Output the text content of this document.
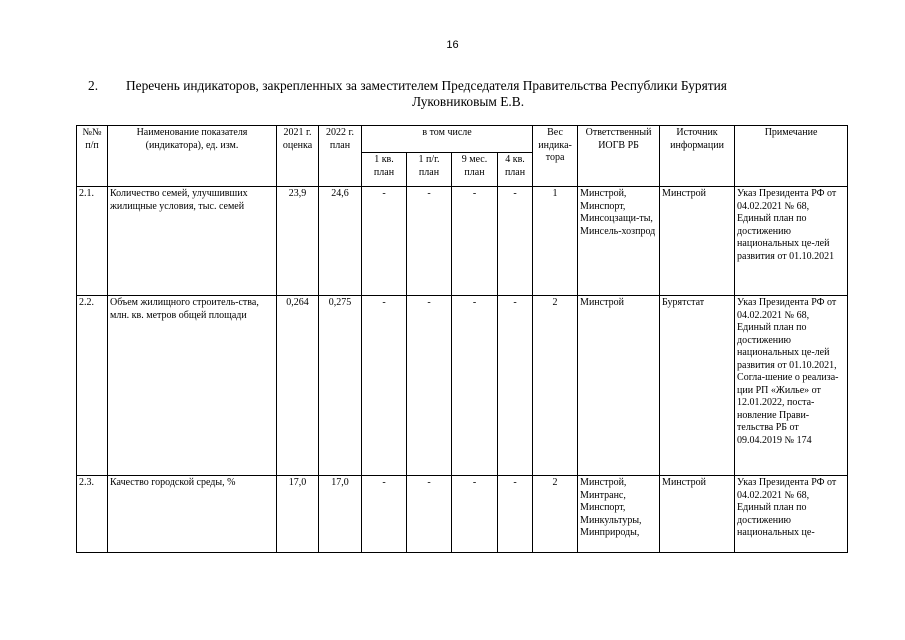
16
2. Перечень индикаторов, закрепленных за заместителем Председателя Правительства Республики Бурятия
Луковниковым Е.В.
№№ п/п	Наименование показателя (индикатора), ед. изм.	2021 г. оценка	2022 г. план	в том числе				Вес индика-тора	Ответственный ИОГВ РБ	Источник информации	Примечание
				1 кв. план	1 п/г. план	9 мес. план	4 кв. план				
2.1.	Количество семей, улучшивших жилищные условия, тыс. семей	23,9	24,6	-	-	-	-	1	Минстрой, Минспорт, Минсоцзащи-ты, Минсель-хозпрод	Минстрой	Указ Президента РФ от 04.02.2021 № 68, Единый план по достижению национальных це-лей развития от 01.10.2021
2.2.	Объем жилищного строитель-ства, млн. кв. метров общей площади	0,264	0,275	-	-	-	-	2	Минстрой	Бурятстат	Указ Президента РФ от 04.02.2021 № 68, Единый план по достижению национальных це-лей развития от 01.10.2021, Согла-шение о реализа-ции РП «Жилье» от 12.01.2022, поста-новление Прави-тельства РБ от 09.04.2019 № 174
2.3.	Качество городской среды, %	17,0	17,0	-	-	-	-	2	Минстрой, Минтранс, Минспорт, Минкультуры, Минприроды,	Минстрой	Указ Президента РФ от 04.02.2021 № 68, Единый план по достижению национальных це-
